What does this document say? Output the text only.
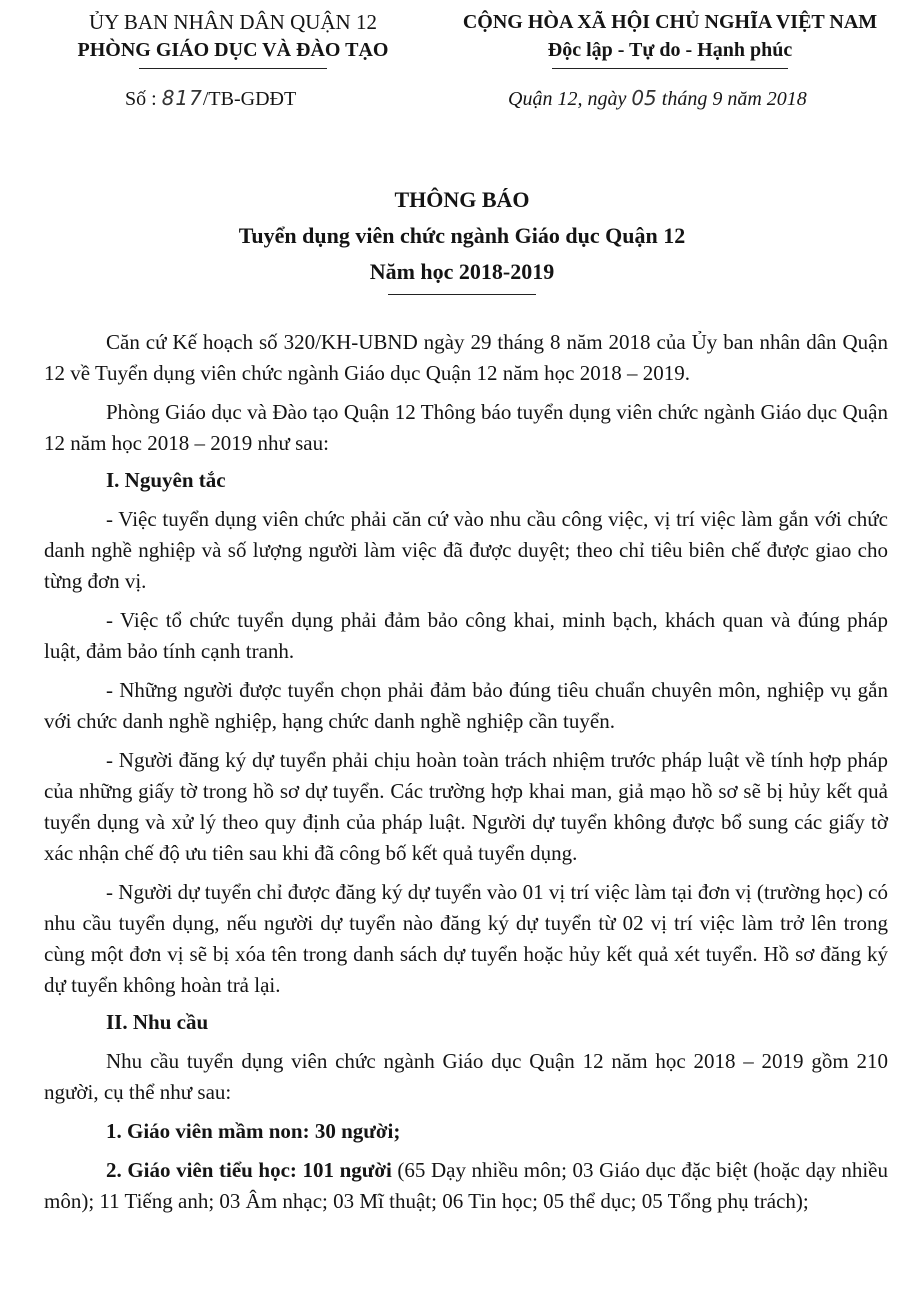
ỦY BAN NHÂN DÂN QUẬN 12
PHÒNG GIÁO DỤC VÀ ĐÀO TẠO
CỘNG HÒA XÃ HỘI CHỦ NGHĨA VIỆT NAM
Độc lập - Tự do - Hạnh phúc
Số : 817/TB-GDĐT	Quận 12, ngày 05 tháng 9 năm 2018
THÔNG BÁO
Tuyển dụng viên chức ngành Giáo dục Quận 12
Năm học 2018-2019

Căn cứ Kế hoạch số 320/KH-UBND ngày 29 tháng 8 năm 2018 của Ủy ban nhân dân Quận 12 về Tuyển dụng viên chức ngành Giáo dục Quận 12 năm học 2018 – 2019.

Phòng Giáo dục và Đào tạo Quận 12 Thông báo tuyển dụng viên chức ngành Giáo dục Quận 12 năm học 2018 – 2019 như sau:

I. Nguyên tắc

- Việc tuyển dụng viên chức phải căn cứ vào nhu cầu công việc, vị trí việc làm gắn với chức danh nghề nghiệp và số lượng người làm việc đã được duyệt; theo chỉ tiêu biên chế được giao cho từng đơn vị.

- Việc tổ chức tuyển dụng phải đảm bảo công khai, minh bạch, khách quan và đúng pháp luật, đảm bảo tính cạnh tranh.

- Những người được tuyển chọn phải đảm bảo đúng tiêu chuẩn chuyên môn, nghiệp vụ gắn với chức danh nghề nghiệp, hạng chức danh nghề nghiệp cần tuyển.

- Người đăng ký dự tuyển phải chịu hoàn toàn trách nhiệm trước pháp luật về tính hợp pháp của những giấy tờ trong hồ sơ dự tuyển. Các trường hợp khai man, giả mạo hồ sơ sẽ bị hủy kết quả tuyển dụng và xử lý theo quy định của pháp luật. Người dự tuyển không được bổ sung các giấy tờ xác nhận chế độ ưu tiên sau khi đã công bố kết quả tuyển dụng.

- Người dự tuyển chỉ được đăng ký dự tuyển vào 01 vị trí việc làm tại đơn vị (trường học) có nhu cầu tuyển dụng, nếu người dự tuyển nào đăng ký dự tuyển từ 02 vị trí việc làm trở lên trong cùng một đơn vị sẽ bị xóa tên trong danh sách dự tuyển hoặc hủy kết quả xét tuyển. Hồ sơ đăng ký dự tuyển không hoàn trả lại.

II. Nhu cầu

Nhu cầu tuyển dụng viên chức ngành Giáo dục Quận 12 năm học 2018 – 2019 gồm 210 người, cụ thể như sau:

1. Giáo viên mầm non: 30 người;

2. Giáo viên tiểu học: 101 người (65 Dạy nhiều môn; 03 Giáo dục đặc biệt (hoặc dạy nhiều môn); 11 Tiếng anh; 03 Âm nhạc; 03 Mĩ thuật; 06 Tin học; 05 thể dục; 05 Tổng phụ trách);
